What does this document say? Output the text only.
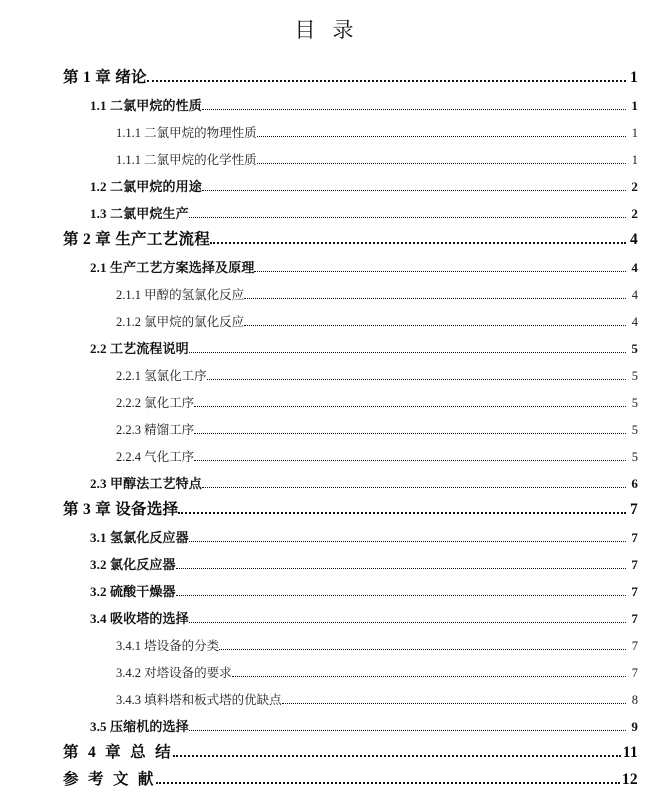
目 录
第 1 章 绪论	1
1.1 二氯甲烷的性质	1
1.1.1 二氯甲烷的物理性质	1
1.1.1 二氯甲烷的化学性质	1
1.2 二氯甲烷的用途	2
1.3 二氯甲烷生产	2
第 2 章 生产工艺流程	4
2.1 生产工艺方案选择及原理	4
2.1.1 甲醇的氢氯化反应	4
2.1.2 氯甲烷的氯化反应	4
2.2 工艺流程说明	5
2.2.1 氢氯化工序	5
2.2.2 氯化工序	5
2.2.3 精馏工序	5
2.2.4 气化工序	5
2.3 甲醇法工艺特点	6
第 3 章 设备选择	7
3.1 氢氯化反应器	7
3.2 氯化反应器	7
3.2 硫酸干燥器	7
3.4 吸收塔的选择	7
3.4.1 塔设备的分类	7
3.4.2 对塔设备的要求	7
3.4.3 填料塔和板式塔的优缺点	8
3.5 压缩机的选择	9
第 4 章 总 结	11
参 考 文 献	12
